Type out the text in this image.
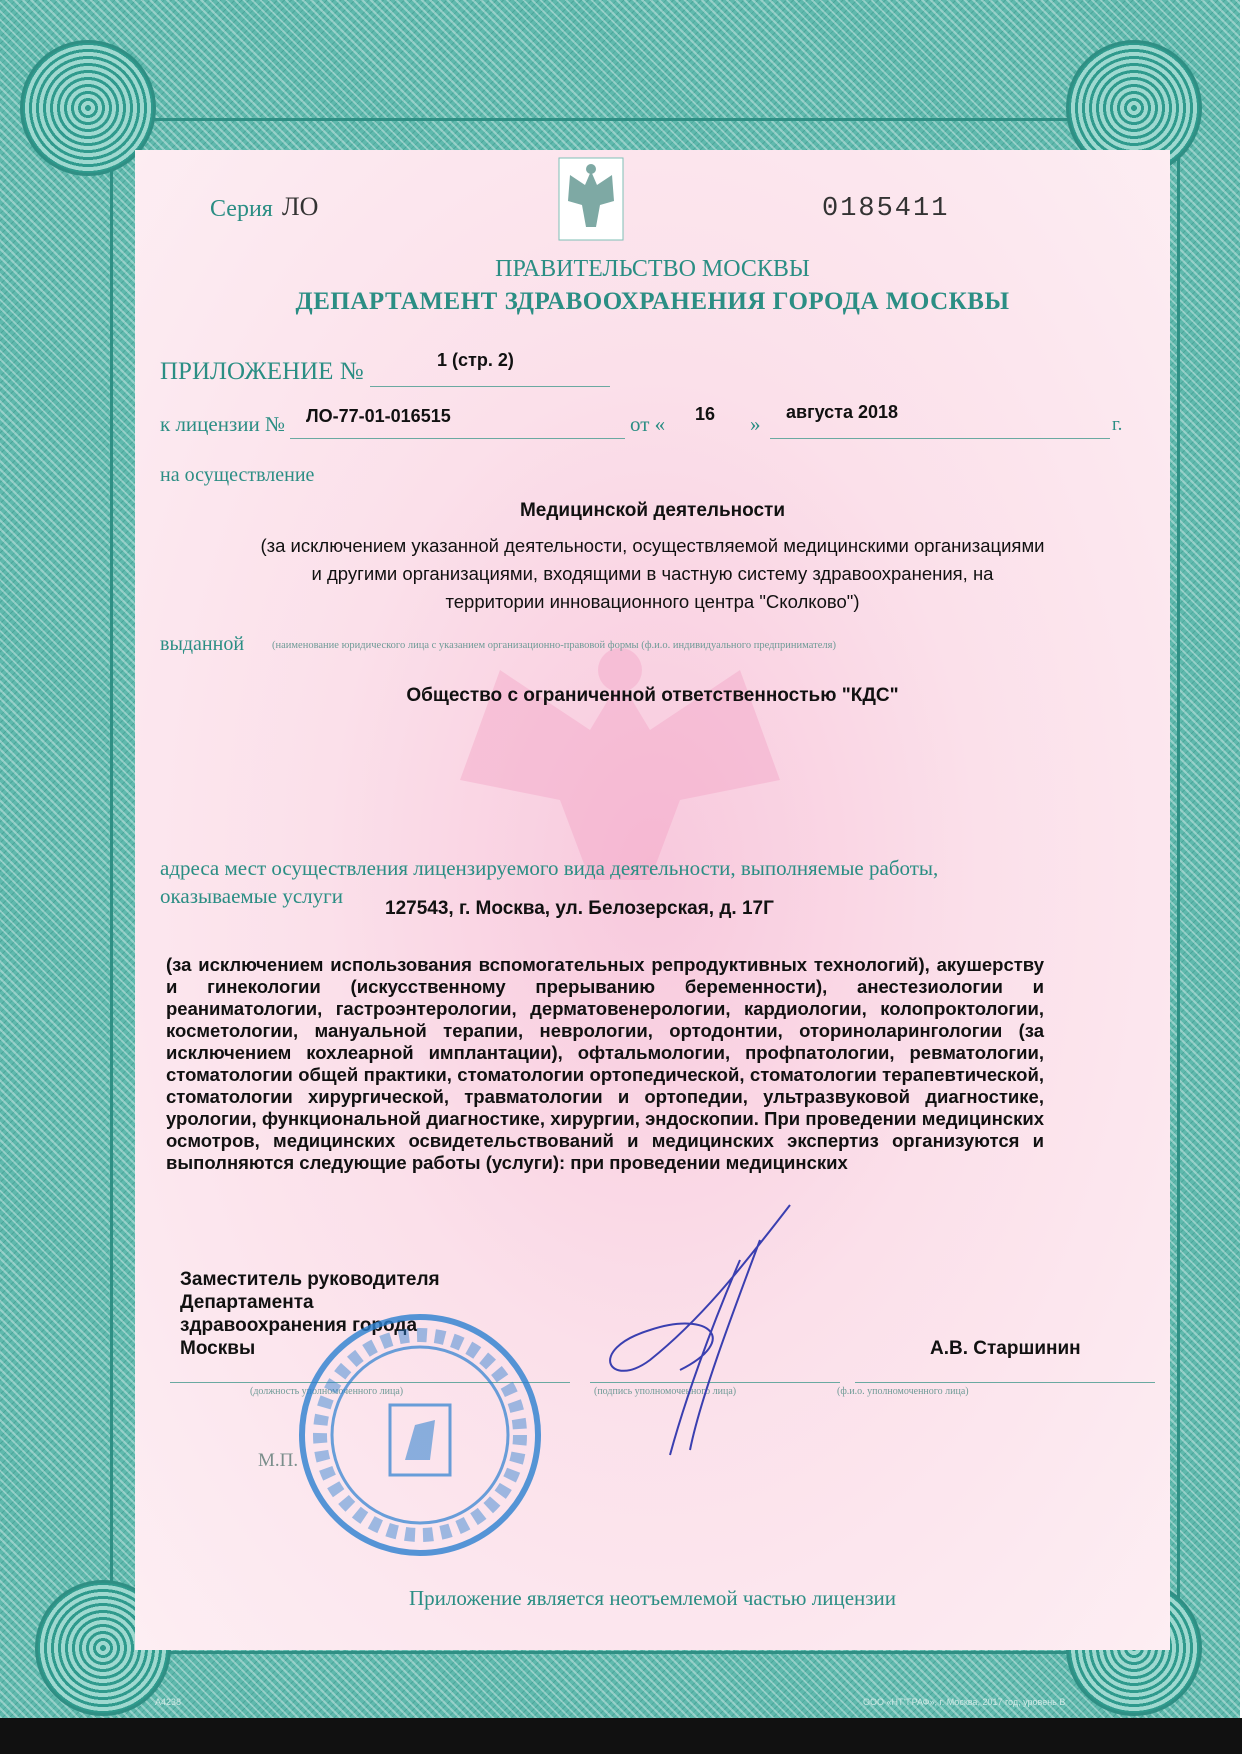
Серия ЛО	0185411
ПРАВИТЕЛЬСТВО МОСКВЫ
ДЕПАРТАМЕНТ ЗДРАВООХРАНЕНИЯ ГОРОДА МОСКВЫ
ПРИЛОЖЕНИЕ №	1 (стр. 2)
к лицензии № ЛО-77-01-016515	от « 16 » августа 2018
г.
на осуществление
Медицинской деятельности
(за исключением указанной деятельности, осуществляемой медицинскими организациями
и другими организациями, входящими в частную систему здравоохранения, на
территории инновационного центра "Сколково")
выданной	(наименование юридического лица с указанием организационно-правовой формы (ф.и.о. индивидуального предпринимателя)
Общество с ограниченной ответственностью "КДС"
адреса мест осуществления лицензируемого вида деятельности, выполняемые работы,
оказываемые услуги
127543, г. Москва, ул. Белозерская, д. 17Г
(за исключением использования вспомогательных репродуктивных технологий), акушерству и гинекологии (искусственному прерыванию беременности), анестезиологии и реаниматологии, гастроэнтерологии, дерматовенерологии, кардиологии, колопроктологии, косметологии, мануальной терапии, неврологии, ортодонтии, оториноларингологии (за исключением кохлеарной имплантации), офтальмологии, профпатологии, ревматологии, стоматологии общей практики, стоматологии ортопедической, стоматологии терапевтической, стоматологии хирургической, травматологии и ортопедии, ультразвуковой диагностике, урологии, функциональной диагностике, хирургии, эндоскопии. При проведении медицинских осмотров, медицинских освидетельствований и медицинских экспертиз организуются и выполняются следующие работы (услуги): при проведении медицинских
Заместитель руководителя
Департамента
здравоохранения города
Москвы	А.В. Старшинин
(должность уполномоченного лица)	(подпись уполномоченного лица)	(ф.и.о. уполномоченного лица)
М.П.
Приложение является неотъемлемой частью лицензии
A4238	ООО «НТ"ГРАФ», г. Москва, 2017 год, уровень В
